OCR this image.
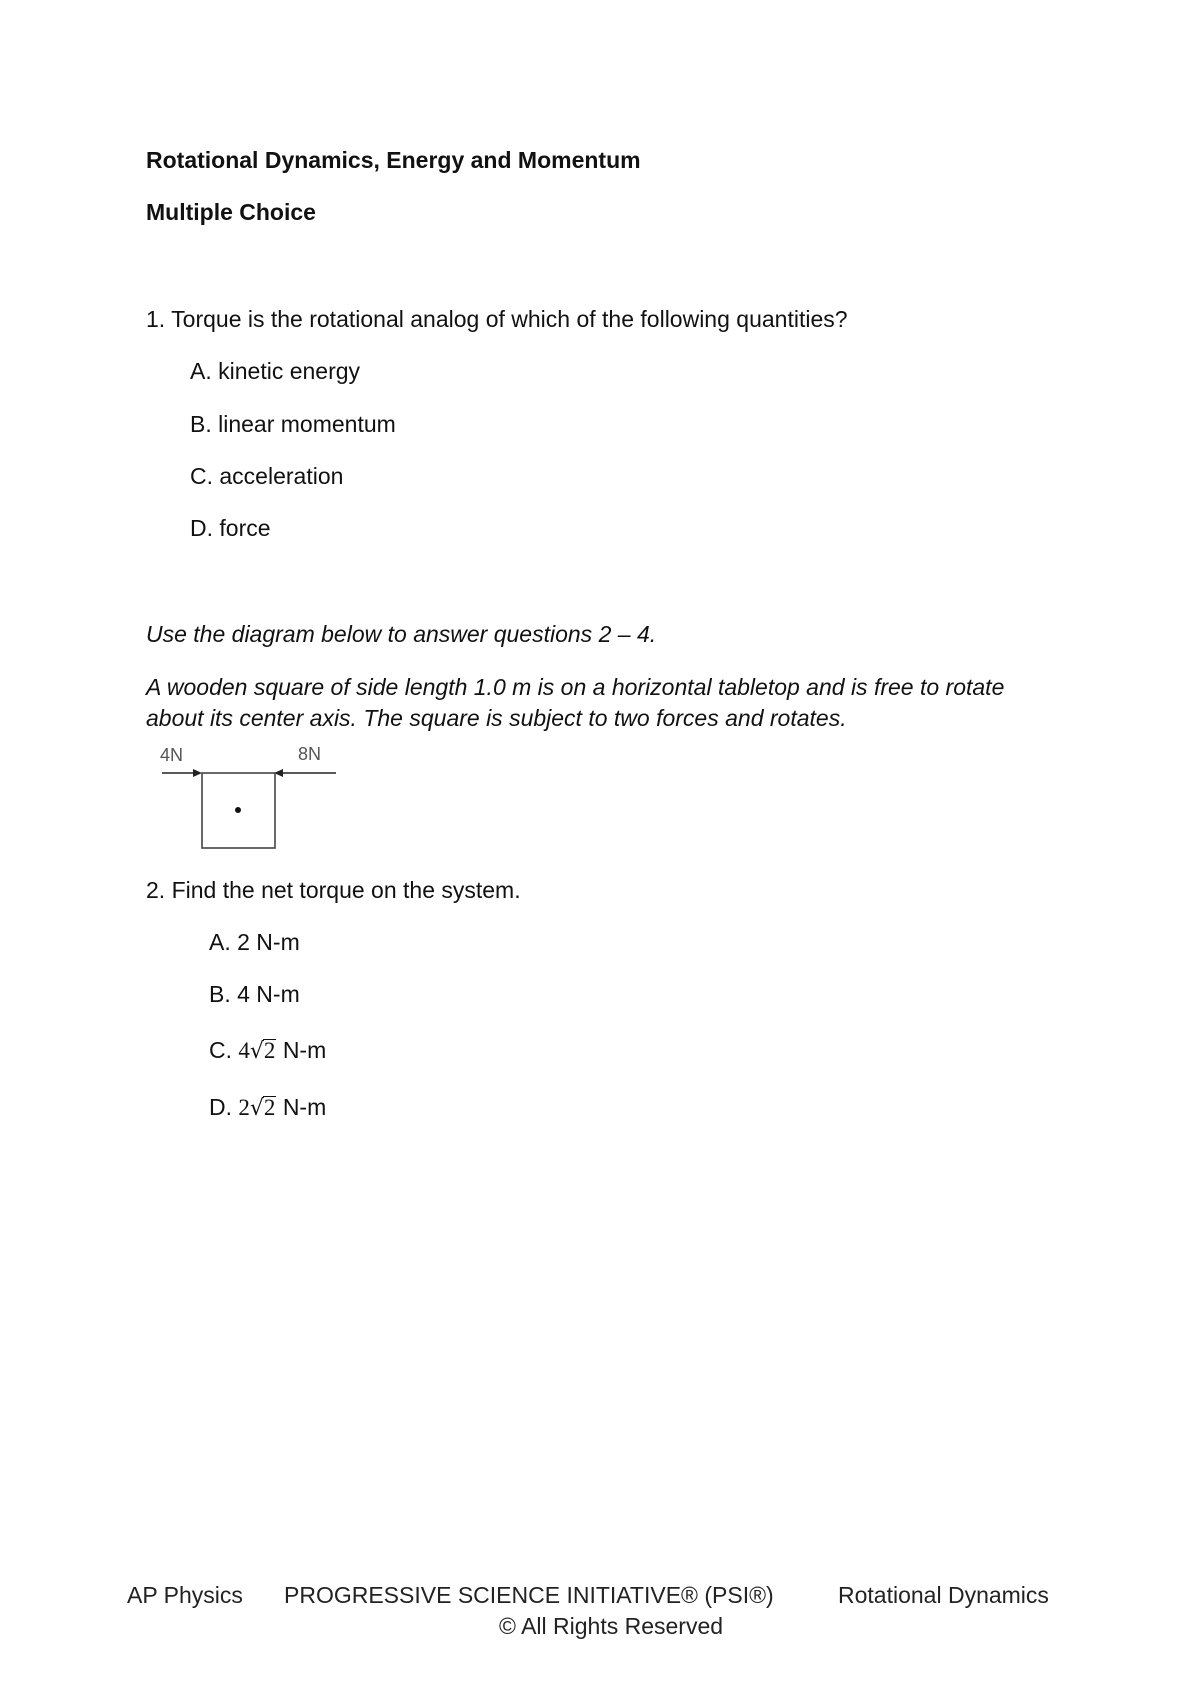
Rotational Dynamics, Energy and Momentum
Multiple Choice
1. Torque is the rotational analog of which of the following quantities?
A. kinetic energy
B. linear momentum
C. acceleration
D. force
Use the diagram below to answer questions 2 – 4.
A wooden square of side length 1.0 m is on a horizontal tabletop and is free to rotate
about its center axis. The square is subject to two forces and rotates.
4N	8N
2. Find the net torque on the system.
A. 2 N-m
B. 4 N-m
C. 4√2 N-m
D. 2√2 N-m
AP Physics PROGRESSIVE SCIENCE INITIATIVE® (PSI®)	Rotational Dynamics
© All Rights Reserved
